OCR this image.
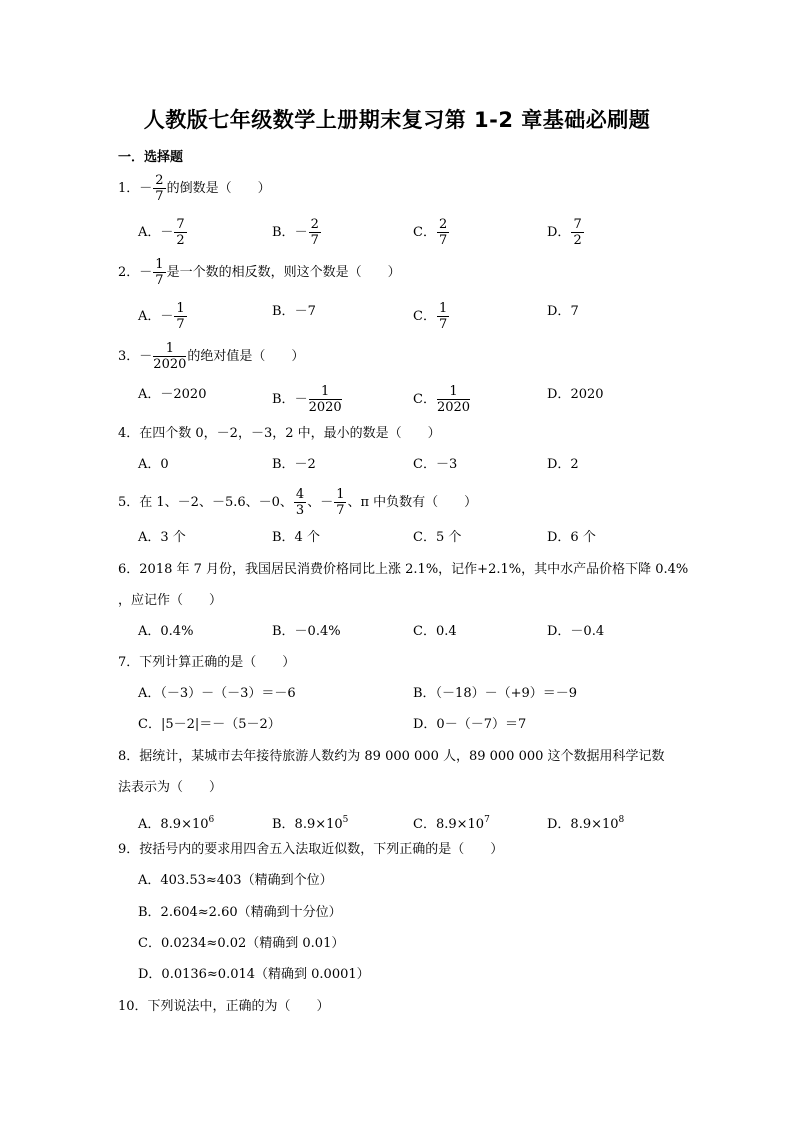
人教版七年级数学上册期末复习第 1-2 章基础必刷题
一．选择题
1．－ $\frac{2}{7}$ 的倒数是（　　）
A．－ $\frac{7}{2}$	B．－ $\frac{2}{7}$	C． $\frac{2}{7}$	D． $\frac{7}{2}$
2．－ $\frac{1}{7}$ 是一个数的相反数，则这个数是（　　）
A．－ $\frac{1}{7}$	B．－7	C． $\frac{1}{7}$	D．7
3．－ $\frac{1}{2020}$ 的绝对值是（　　）
A．－2020	B．－ $\frac{1}{2020}$	C． $\frac{1}{2020}$	D．2020
4．在四个数 0，－2，－3，2 中，最小的数是（　　）
A．0	B．－2	C．－3	D．2
5．在 1、－2、－5.6、－0、 $\frac{4}{3}$ 、－ $\frac{1}{7}$ 、π 中负数有（　　）
A．3 个	B．4 个	C．5 个	D．6 个
6．2018 年 7 月份，我国居民消费价格同比上涨 2.1%，记作+2.1%，其中水产品价格下降 0.4%
，应记作（　　）
A．0.4%	B．－0.4%	C．0.4	D．－0.4
7．下列计算正确的是（　　）
A．（－3）－（－3）＝－6	B．（－18）－（+9）＝－9
C．|5－2|＝－（5－2）	D．0－（－7）＝7
8．据统计，某城市去年接待旅游人数约为 89 000 000 人，89 000 000 这个数据用科学记数
法表示为（　　）
A．$8.9\times 10^6$	B．$8.9\times 10^5$	C．$8.9\times 10^7$	D．$8.9\times 10^8$
9．按括号内的要求用四舍五入法取近似数，下列正确的是（　　）
A．403.53≈403（精确到个位）
B．2.604≈2.60（精确到十分位）
C．0.0234≈0.02（精确到 0.01）
D．0.0136≈0.014（精确到 0.0001）
10．下列说法中，正确的为（　　）
